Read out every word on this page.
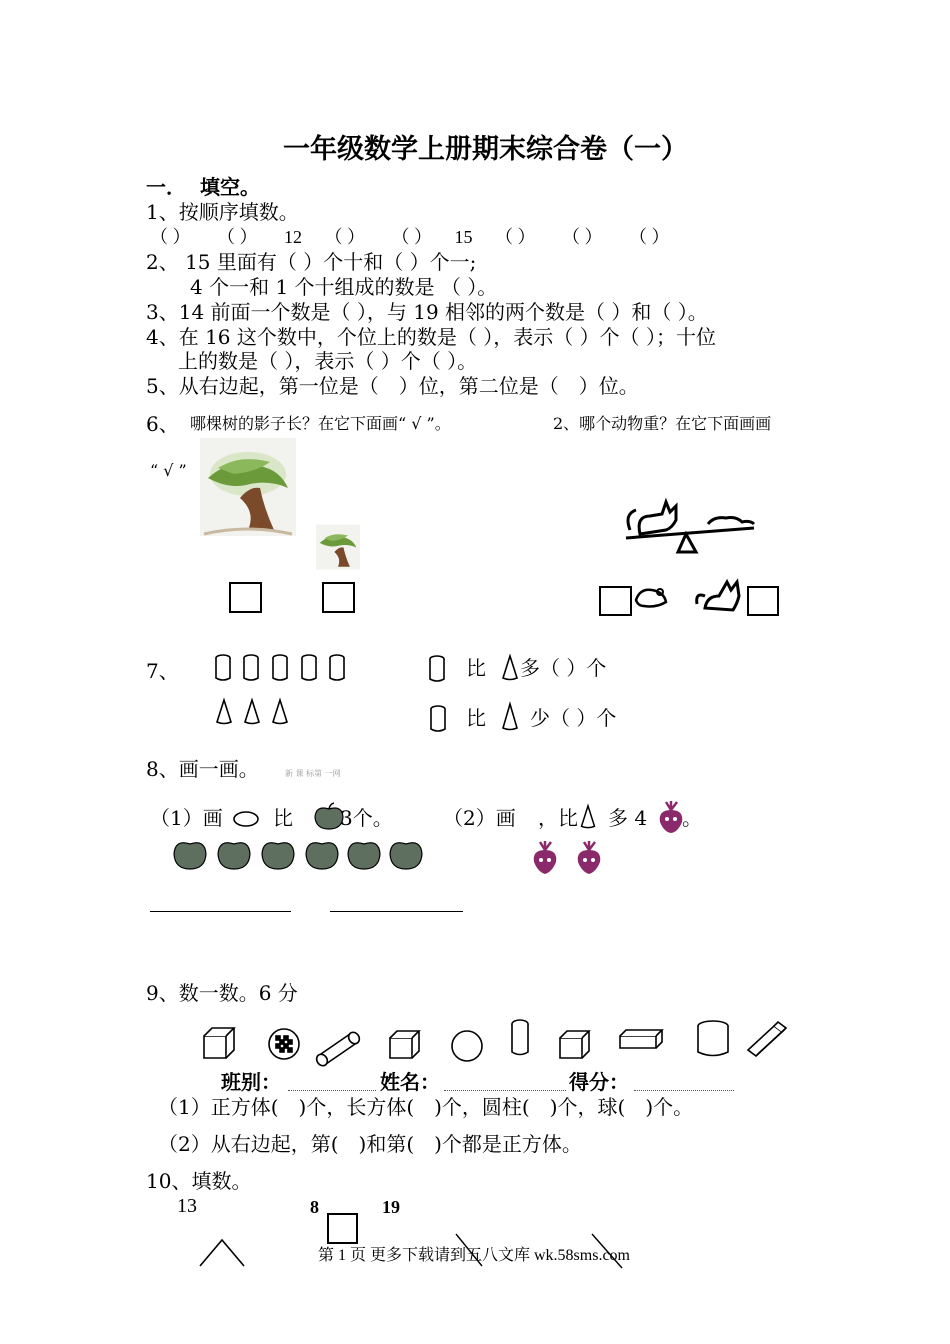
一年级数学上册期末综合卷（一）
一． 填空。
1、按顺序填数。
（ ） （ ） 12 （ ） （ ） 15 （ ） （ ） （ ）
2、 15 里面有（ ）个十和（ ）个一;
4 个一和 1 个十组成的数是 （ ）。
3、14 前面一个数是（ ），与 19 相邻的两个数是（ ）和（ ）。
4、在 16 这个数中，个位上的数是（ ），表示（ ）个（ ）；十位
上的数是（ ），表示（ ）个（ ）。
5、从右边起，第一位是（　）位，第二位是（　）位。
6、 哪棵树的影子长？在它下面画“ √ ”。	2、哪个动物重？在它下面画画
“ √ ”
7、	比 多（ ）个
比 少（ ）个
8、画一画。	新 课 标第 一网
（1）画	比 3个。	（2）画 ，比 多 4 。
9、数一数。6 分
班别：	姓名：	得分：
（1）正方体(　)个，长方体(　)个，圆柱(　)个，球(　)个。
（2）从右边起，第(　)和第(　)个都是正方体。
10、填数。
13	8	19
第 1 页 更多下载请到五八文库 wk.58sms.com
